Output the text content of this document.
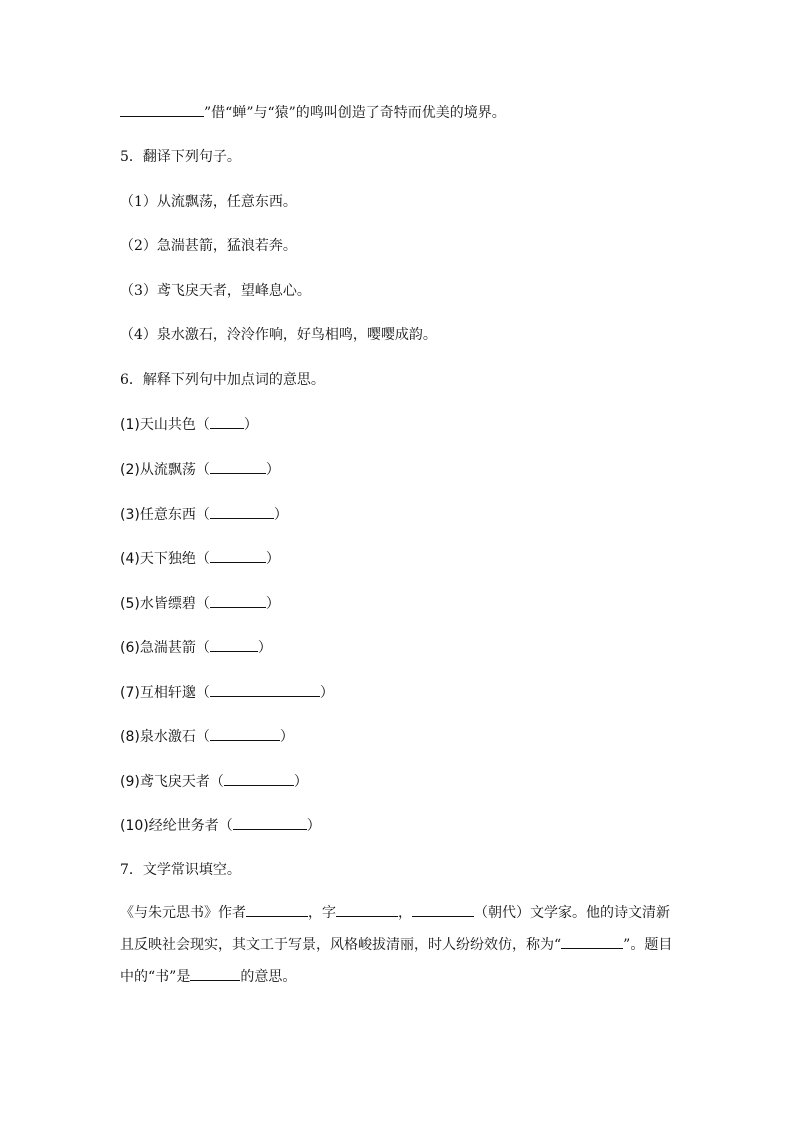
”借“蝉”与“猿”的鸣叫创造了奇特而优美的境界。
5．翻译下列句子。
（1）从流飘荡，任意东西。
（2）急湍甚箭，猛浪若奔。
（3）鸢飞戾天者，望峰息心。
（4）泉水激石，泠泠作响，好鸟相鸣，嘤嘤成韵。
6．解释下列句中加点词的意思。
(1)天山共色（ ）
(2)从流飘荡（	）
(3)任意东西（	）
(4)天下独绝（	）
(5)水皆缥碧（	）
(6)急湍甚箭（	）
(7)互相轩邈（	）
(8)泉水激石（	）
(9)鸢飞戾天者（	）
(10)经纶世务者（	）
7．文学常识填空。
《与朱元思书》作者	，字	，	（朝代）文学家。他的诗文清新
且反映社会现实，其文工于写景，风格峻拔清丽，时人纷纷效仿，称为“	”。题目
中的“书”是	的意思。
